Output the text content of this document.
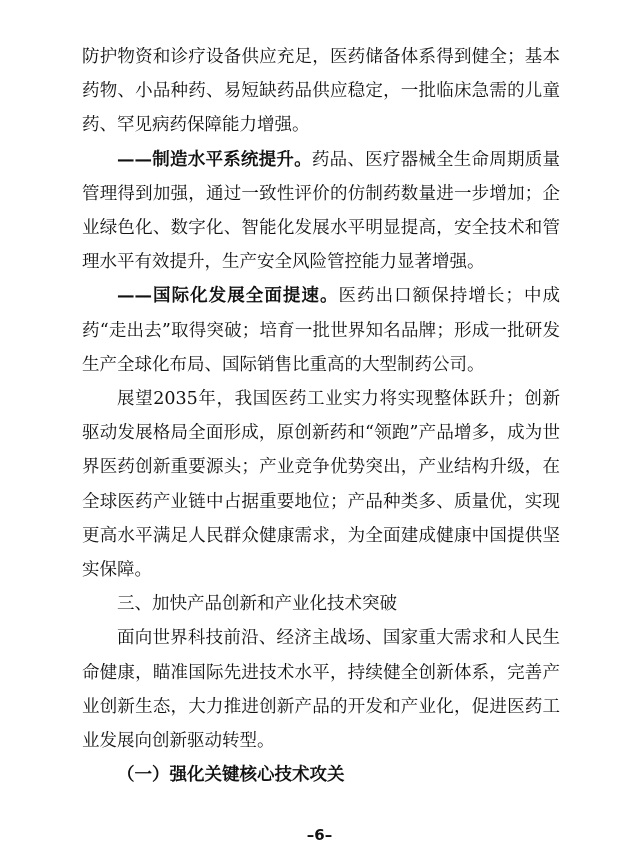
防护物资和诊疗设备供应充足，医药储备体系得到健全；基本药物、小品种药、易短缺药品供应稳定，一批临床急需的儿童药、罕见病药保障能力增强。

——制造水平系统提升。药品、医疗器械全生命周期质量管理得到加强，通过一致性评价的仿制药数量进一步增加；企业绿色化、数字化、智能化发展水平明显提高，安全技术和管理水平有效提升，生产安全风险管控能力显著增强。

——国际化发展全面提速。医药出口额保持增长；中成药“走出去”取得突破；培育一批世界知名品牌；形成一批研发生产全球化布局、国际销售比重高的大型制药公司。

展望2035年，我国医药工业实力将实现整体跃升；创新驱动发展格局全面形成，原创新药和“领跑”产品增多，成为世界医药创新重要源头；产业竞争优势突出，产业结构升级，在全球医药产业链中占据重要地位；产品种类多、质量优，实现更高水平满足人民群众健康需求，为全面建成健康中国提供坚实保障。

三、加快产品创新和产业化技术突破

面向世界科技前沿、经济主战场、国家重大需求和人民生命健康，瞄准国际先进技术水平，持续健全创新体系，完善产业创新生态，大力推进创新产品的开发和产业化，促进医药工业发展向创新驱动转型。

（一）强化关键核心技术攻关
–6–
